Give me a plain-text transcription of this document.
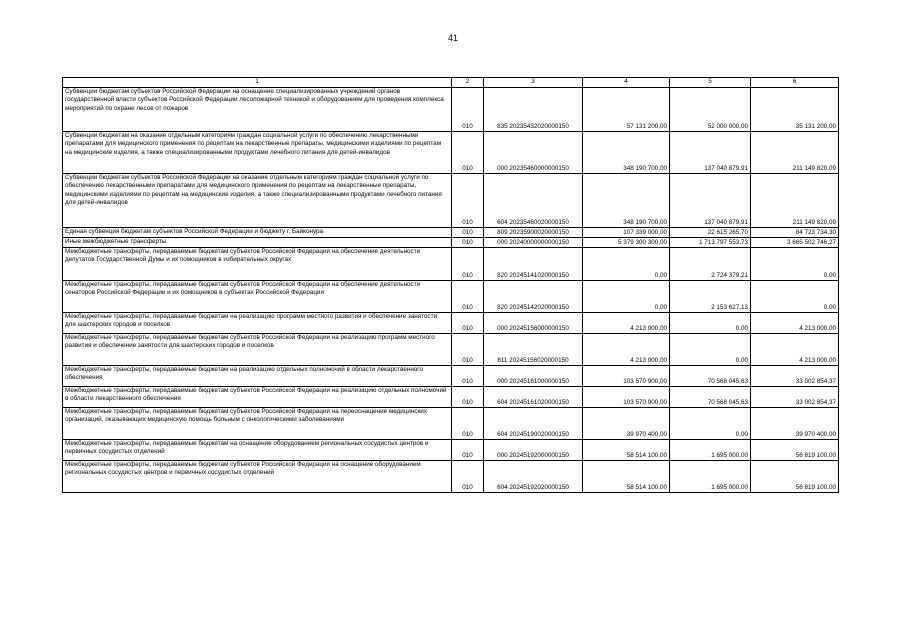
41
1	2	3	4	5	6
Субвенции бюджетам субъектов Российской Федерации на оснащение специализированных учреждений органов государственной власти субъектов Российской Федерации лесопожарной техникой и оборудованием для проведения комплекса мероприятий по охране лесов от пожаров	010	835 20235432020000150	57 131 200,00	52 000 000,00	35 131 200,00
Субвенции бюджетам на оказание отдельным категориям граждан социальной услуги по обеспечению лекарственными препаратами для медицинского применения по рецептам на лекарственные препараты, медицинскими изделиями по рецептам на медицинские изделия, а также специализированными продуктами лечебного питания для детей-инвалидов	010	000 20235460000000150	348 190 700,00	137 040 879,91	211 149 820,09
Субвенции бюджетам субъектов Российской Федерации на оказание отдельным категориям граждан социальной услуги по обеспечению лекарственными препаратами для медицинского применения по рецептам на лекарственные препараты, медицинскими изделиями по рецептам на медицинские изделия, а также специализированными продуктами лечебного питания для детей-инвалидов	010	604 20235460020000150	348 190 700,00	137 040 879,91	211 149 820,09
Единая субвенция бюджетам субъектов Российской Федерации и бюджету г. Байконура	010	809 20235900020000150	107 339 000,00	22 615 265,70	84 723 734,30
Иные межбюджетные трансферты	010	000 20240000000000150	5 379 300 300,00	1 713 797 553,73	3 665 502 746,27
Межбюджетные трансферты, передаваемые бюджетам субъектов Российской Федерации на обеспечение деятельности депутатов Государственной Думы и их помощников в избирательных округах	010	820 20245141020000150	0,00	2 724 379,21	0,00
Межбюджетные трансферты, передаваемые бюджетам субъектов Российской Федерации на обеспечение деятельности сенаторов Российской Федерации и их помощников в субъектах Российской Федерации	010	820 20245142020000150	0,00	2 153 627,13	0,00
Межбюджетные трансферты, передаваемые бюджетам на реализацию программ местного развития и обеспечение занятости для шахтерских городов и поселков	010	000 20245156000000150	4 213 000,00	0,00	4 213 000,00
Межбюджетные трансферты, передаваемые бюджетам субъектов Российской Федерации на реализацию программ местного развития и обеспечение занятости для шахтерских городов и поселков	010	811 20245156020000150	4 213 000,00	0,00	4 213 000,00
Межбюджетные трансферты, передаваемые бюджетам на реализацию отдельных полномочий в области лекарственного обеспечения	010	000 20245161000000150	103 570 900,00	70 568 045,63	33 002 854,37
Межбюджетные трансферты, передаваемые бюджетам субъектов Российской Федерации на реализацию отдельных полномочий в области лекарственного обеспечения	010	604 20245161020000150	103 570 900,00	70 568 045,63	33 002 854,37
Межбюджетные трансферты, передаваемые бюджетам субъектов Российской Федерации на переоснащение медицинских организаций, оказывающих медицинскую помощь больным с онкологическими заболеваниями	010	604 20245190020000150	39 970 400,00	0,00	39 970 400,00
Межбюджетные трансферты, передаваемые бюджетам на оснащение оборудованием региональных сосудистых центров и первичных сосудистых отделений	010	000 20245192000000150	58 514 100,00	1 695 000,00	56 819 100,00
Межбюджетные трансферты, передаваемые бюджетам субъектов Российской Федерации на оснащение оборудованием региональных сосудистых центров и первичных сосудистых отделений	010	604 20245192020000150	58 514 100,00	1 695 000,00	56 819 100,00
